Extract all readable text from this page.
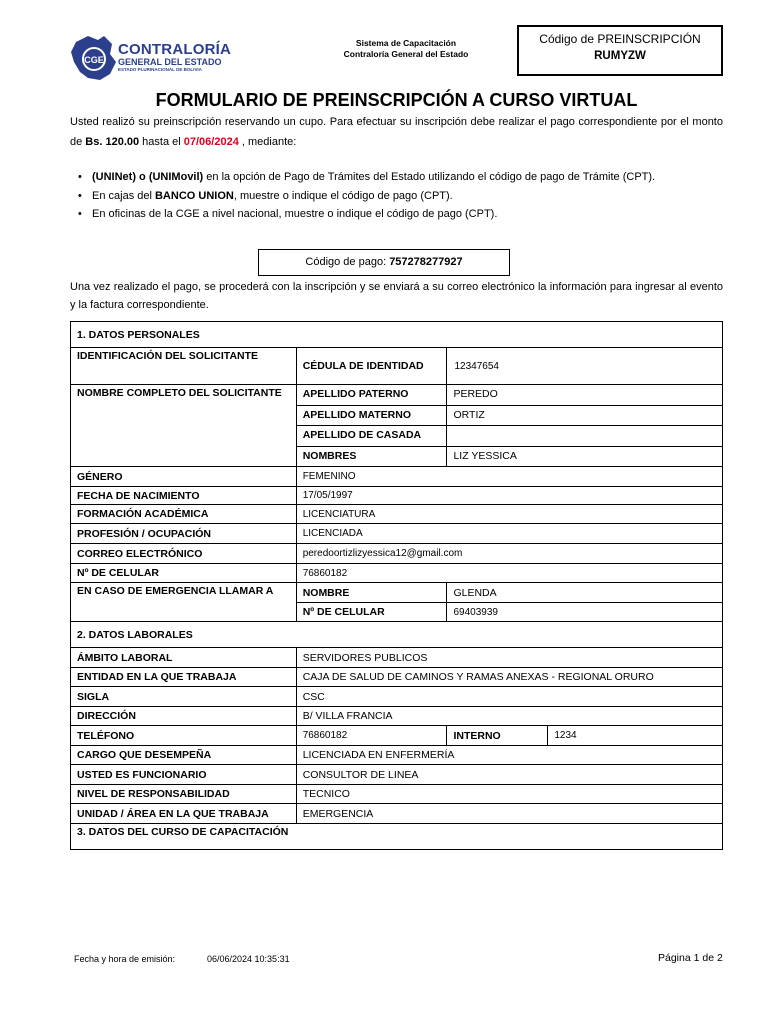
CGE
CONTRALORÍA
GENERAL DEL ESTADO
ESTADO PLURINACIONAL DE BOLIVIA
Sistema de Capacitación
Contraloría General del Estado
Código de PREINSCRIPCIÓN
RUMYZW
FORMULARIO DE PREINSCRIPCIÓN A CURSO VIRTUAL
Usted realizó su preinscripción reservando un cupo. Para efectuar su inscripción debe realizar el pago correspondiente por el monto de Bs. 120.00 hasta el 07/06/2024 , mediante:
• (UNINet) o (UNIMovil) en la opción de Pago de Trámites del Estado utilizando el código de pago de Trámite (CPT).
• En cajas del BANCO UNION, muestre o indique el código de pago (CPT).
• En oficinas de la CGE a nivel nacional, muestre o indique el código de pago (CPT).
Código de pago: 757278277927
Una vez realizado el pago, se procederá con la inscripción y se enviará a su correo electrónico la información para ingresar al evento y la factura correspondiente.
1. DATOS PERSONALES			
IDENTIFICACIÓN DEL SOLICITANTE	CÉDULA DE IDENTIDAD	12347654	
NOMBRE COMPLETO DEL SOLICITANTE	APELLIDO PATERNO	PEREDO	
	APELLIDO MATERNO	ORTIZ	
	APELLIDO DE CASADA		
	NOMBRES	LIZ YESSICA	
GÉNERO	FEMENINO		
FECHA DE NACIMIENTO	17/05/1997		
FORMACIÓN ACADÉMICA	LICENCIATURA		
PROFESIÓN / OCUPACIÓN	LICENCIADA		
CORREO ELECTRÓNICO	peredoortizlizyessica12@gmail.com		
Nº DE CELULAR	76860182		
EN CASO DE EMERGENCIA LLAMAR A	NOMBRE	GLENDA	
	Nº DE CELULAR	69403939	
2. DATOS LABORALES			
ÁMBITO LABORAL	SERVIDORES PUBLICOS		
ENTIDAD EN LA QUE TRABAJA	CAJA DE SALUD DE CAMINOS Y RAMAS ANEXAS - REGIONAL ORURO		
SIGLA	CSC		
DIRECCIÓN	B/ VILLA FRANCIA		
TELÉFONO	76860182	INTERNO	1234
CARGO QUE DESEMPEÑA	LICENCIADA EN ENFERMERÍA		
USTED ES FUNCIONARIO	CONSULTOR DE LINEA		
NIVEL DE RESPONSABILIDAD	TECNICO		
UNIDAD / ÁREA EN LA QUE TRABAJA	EMERGENCIA		
3. DATOS DEL CURSO DE CAPACITACIÓN			
Fecha y hora de emisión:	06/06/2024 10:35:31	Página 1 de 2
